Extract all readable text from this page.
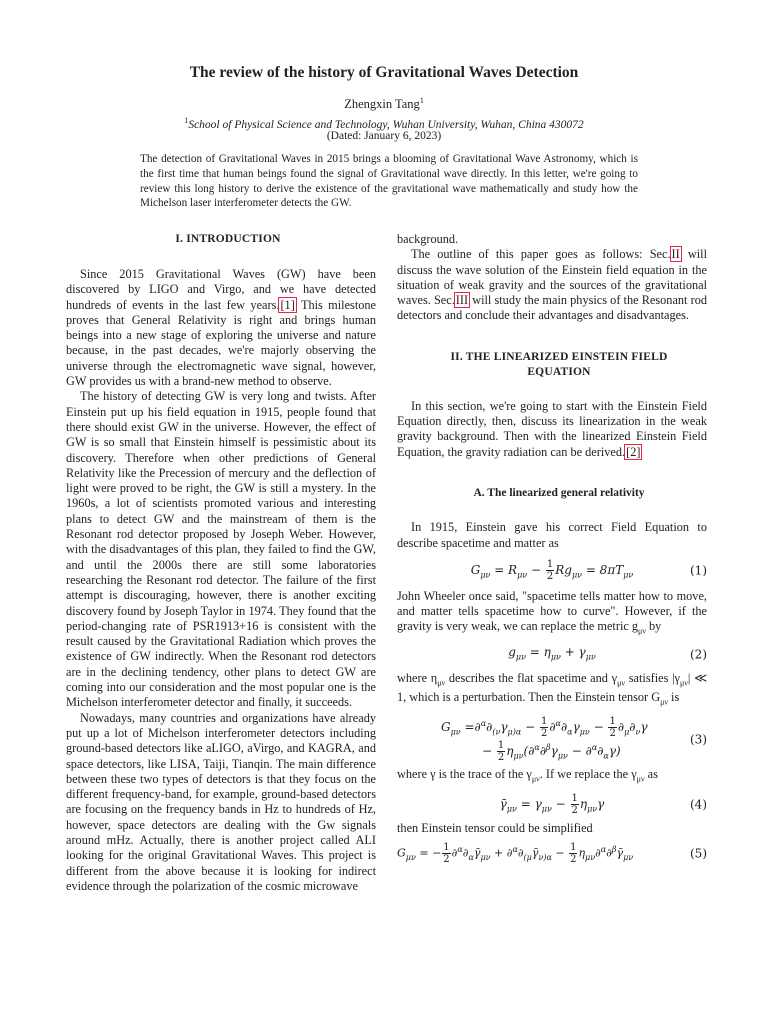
The review of the history of Gravitational Waves Detection
Zhengxin Tang$^1$
$^1$School of Physical Science and Technology, Wuhan University, Wuhan, China 430072
(Dated: January 6, 2023)
The detection of Gravitational Waves in 2015 brings a blooming of Gravitational Wave Astronomy, which is the first time that human beings found the signal of Gravitational wave directly. In this letter, we're going to review this long history to derive the existence of the gravitational wave mathematically and study how the Michelson laser interferometer detects the GW.

I. INTRODUCTION

Since 2015 Gravitational Waves (GW) have been discovered by LIGO and Virgo, and we have detected hundreds of events in the last few years.[1] This milestone proves that General Relativity is right and brings human beings into a new stage of exploring the universe and nature because, in the past decades, we're majorly observing the universe through the electromagnetic wave signal, however, GW provides us with a brand-new method to observe.

The history of detecting GW is very long and twists. After Einstein put up his field equation in 1915, people found that there should exist GW in the universe. However, the effect of GW is so small that Einstein himself is pessimistic about its discovery. Therefore when other predictions of General Relativity like the Precession of mercury and the deflection of light were proved to be right, the GW is still a mystery. In the 1960s, a lot of scientists promoted various and interesting plans to detect GW and the mainstream of them is the Resonant rod detector proposed by Joseph Weber. However, with the disadvantages of this plan, they failed to find the GW, and until the 2000s there are still some laboratories researching the Resonant rod detector. The failure of the first attempt is discouraging, however, there is another exciting discovery found by Joseph Taylor in 1974. They found that the period-changing rate of PSR1913+16 is consistent with the result caused by the Gravitational Radiation which proves the existence of GW indirectly. When the Resonant rod detectors are in the declining tendency, other plans to detect GW are coming into our consideration and the most popular one is the Michelson interferometer detector and finally, it succeeds.

Nowadays, many countries and organizations have already put up a lot of Michelson interferometer detectors including ground-based detectors like aLIGO, aVirgo, and KAGRA, and space detectors, like LISA, Taiji, Tianqin. The main difference between these two types of detectors is that they focus on the different frequency-band, for example, ground-based detectors are focusing on the frequency bands in Hz to hundreds of Hz, however, space detectors are dealing with the Gw signals around mHz. Actually, there is another project called ALI looking for the original Gravitational Waves. This project is different from the above because it is looking for indirect evidence through the polarization of the cosmic microwave

background.

The outline of this paper goes as follows: Sec.II will discuss the wave solution of the Einstein field equation in the situation of weak gravity and the sources of the gravitational waves. Sec.III will study the main physics of the Resonant rod detectors and conclude their advantages and disadvantages.

II. THE LINEARIZED EINSTEIN FIELD

EQUATION

In this section, we're going to start with the Einstein Field Equation directly, then, discuss its linearization in the weak gravity background. Then with the linearized Einstein Field Equation, the gravity radiation can be derived.[2]

A. The linearized general relativity

In 1915, Einstein gave his correct Field Equation to describe spacetime and matter as

$G_{\mu\nu} = R_{\mu\nu} - \frac{1}{2} Rg_{\mu\nu} = 8\pi T_{\mu\nu}$	(1)

John Wheeler once said, "spacetime tells matter how to move, and matter tells spacetime how to curve". However, if the gravity is very weak, we can replace the metric $g_{\mu\nu}$ by

$g_{\mu\nu} = \eta_{\mu\nu} + \gamma_{\mu\nu}$	(2)

where $\eta_{\mu\nu}$ describes the flat spacetime and $\gamma_{\mu\nu}$ satisfies $|\gamma_{\mu\nu}|$ ≪ 1, which is a perturbation. Then the Einstein tensor $G_{\mu\nu}$ is

$G_{\mu\nu} =\partial^\alpha\partial_{(\nu}\gamma_{\mu)\alpha} - \frac{1}{2} \partial^\alpha\partial_\alpha\gamma_{\mu\nu} - \frac{1}{2} \partial_\mu\partial_\nu\gamma$
− $\frac{1}{2} \eta_{\mu\nu}(\partial^\alpha\partial^\beta\gamma_{\mu\nu} - \partial^\alpha\partial_\alpha\gamma)$
(3)

where γ is the trace of the $\gamma_{\mu\nu}$. If we replace the $\gamma_{\mu\nu}$ as

$\gammā_{\mu\nu} = \gamma_{\mu\nu} - \frac{1}{2} \eta_{\mu\nu}\gamma$	(4)

then Einstein tensor could be simplified

$G_{\mu\nu}$ = − $\frac{1}{2}$ $\partial^\alpha\partial_\alpha\gammā_{\mu\nu}$ + $\partial^\alpha\partial_{(\mu}\gammā_{\nu)\alpha} - \frac{1}{2}$ $\eta_{\mu\nu}\partial^\alpha\partial^\beta\gammā_{\mu\nu}$	(5)
